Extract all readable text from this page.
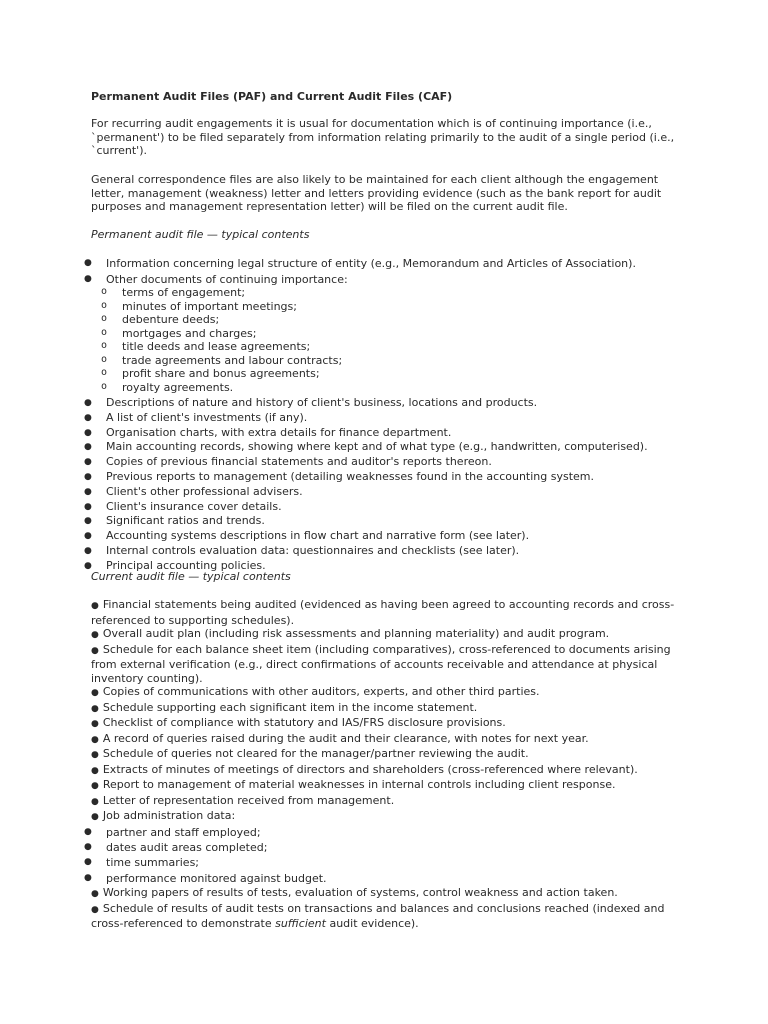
Permanent Audit Files (PAF) and Current Audit Files (CAF)

For recurring audit engagements it is usual for documentation which is of continuing importance (i.e., `permanent') to be filed separately from information relating primarily to the audit of a single period (i.e., `current').

General correspondence files are also likely to be maintained for each client although the engagement letter, management (weakness) letter and letters providing evidence (such as the bank report for audit purposes and management representation letter) will be filed on the current audit file.

Permanent audit file — typical contents

● Information concerning legal structure of entity (e.g., Memorandum and Articles of Association).
● Other documents of continuing importance:
o terms of engagement;
o minutes of important meetings;
o debenture deeds;
o mortgages and charges;
o title deeds and lease agreements;
o trade agreements and labour contracts;
o profit share and bonus agreements;
o royalty agreements.
● Descriptions of nature and history of client's business, locations and products.
● A list of client's investments (if any).
● Organisation charts, with extra details for finance department.
● Main accounting records, showing where kept and of what type (e.g., handwritten, computerised).
● Copies of previous financial statements and auditor's reports thereon.
● Previous reports to management (detailing weaknesses found in the accounting system.
● Client's other professional advisers.
● Client's insurance cover details.
● Significant ratios and trends.
● Accounting systems descriptions in flow chart and narrative form (see later).
● Internal controls evaluation data: questionnaires and checklists (see later).
● Principal accounting policies.

Current audit file — typical contents

● Financial statements being audited (evidenced as having been agreed to accounting records and cross-referenced to supporting schedules).
● Overall audit plan (including risk assessments and planning materiality) and audit program.
● Schedule for each balance sheet item (including comparatives), cross-referenced to documents arising from external verification (e.g., direct confirmations of accounts receivable and attendance at physical inventory counting).
● Copies of communications with other auditors, experts, and other third parties.
● Schedule supporting each significant item in the income statement.
● Checklist of compliance with statutory and IAS/FRS disclosure provisions.
● A record of queries raised during the audit and their clearance, with notes for next year.
● Schedule of queries not cleared for the manager/partner reviewing the audit.
● Extracts of minutes of meetings of directors and shareholders (cross-referenced where relevant).
● Report to management of material weaknesses in internal controls including client response.
● Letter of representation received from management.
● Job administration data:
● partner and staff employed;
● dates audit areas completed;
● time summaries;
● performance monitored against budget.
● Working papers of results of tests, evaluation of systems, control weakness and action taken.
● Schedule of results of audit tests on transactions and balances and conclusions reached (indexed and cross-referenced to demonstrate sufficient audit evidence).
